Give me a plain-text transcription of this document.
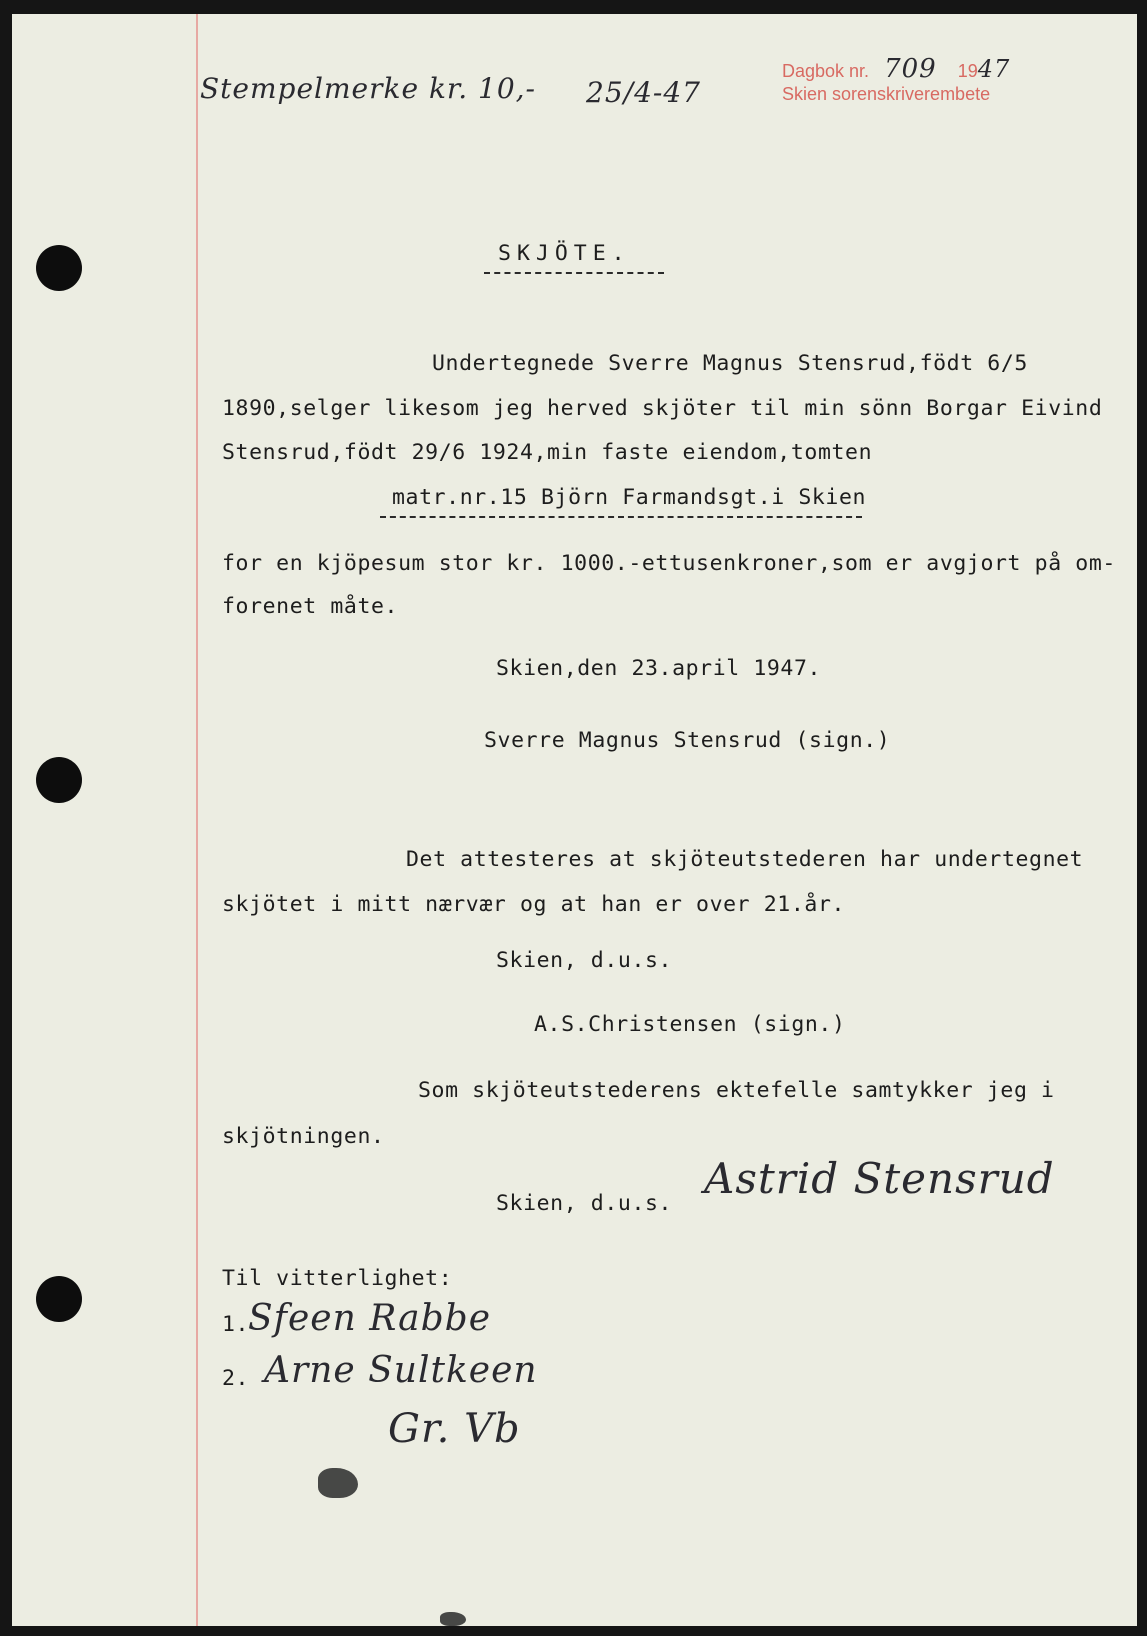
Stempelmerke kr. 10,- 25/4-47
Dagbok nr. 709 1947
Skien sorenskriverembete
SKJÖTE.
Undertegnede Sverre Magnus Stensrud,födt 6/5
1890,selger likesom jeg herved skjöter til min sönn Borgar Eivind
Stensrud,födt 29/6 1924,min faste eiendom,tomten
matr.nr.15 Björn Farmandsgt.i Skien
for en kjöpesum stor kr. 1000.-ettusenkroner,som er avgjort på om-
forenet måte.
Skien,den 23.april 1947.
Sverre Magnus Stensrud (sign.)
Det attesteres at skjöteutstederen har undertegnet
skjötet i mitt nærvær og at han er over 21.år.
Skien, d.u.s.
A.S.Christensen (sign.)
Som skjöteutstederens ektefelle samtykker jeg i
skjötningen.
Skien, d.u.s.
Astrid Stensrud
Til vitterlighet:
1.
Sfeen Rabbe
2. Arne Sultkeen
Gr. Vb
